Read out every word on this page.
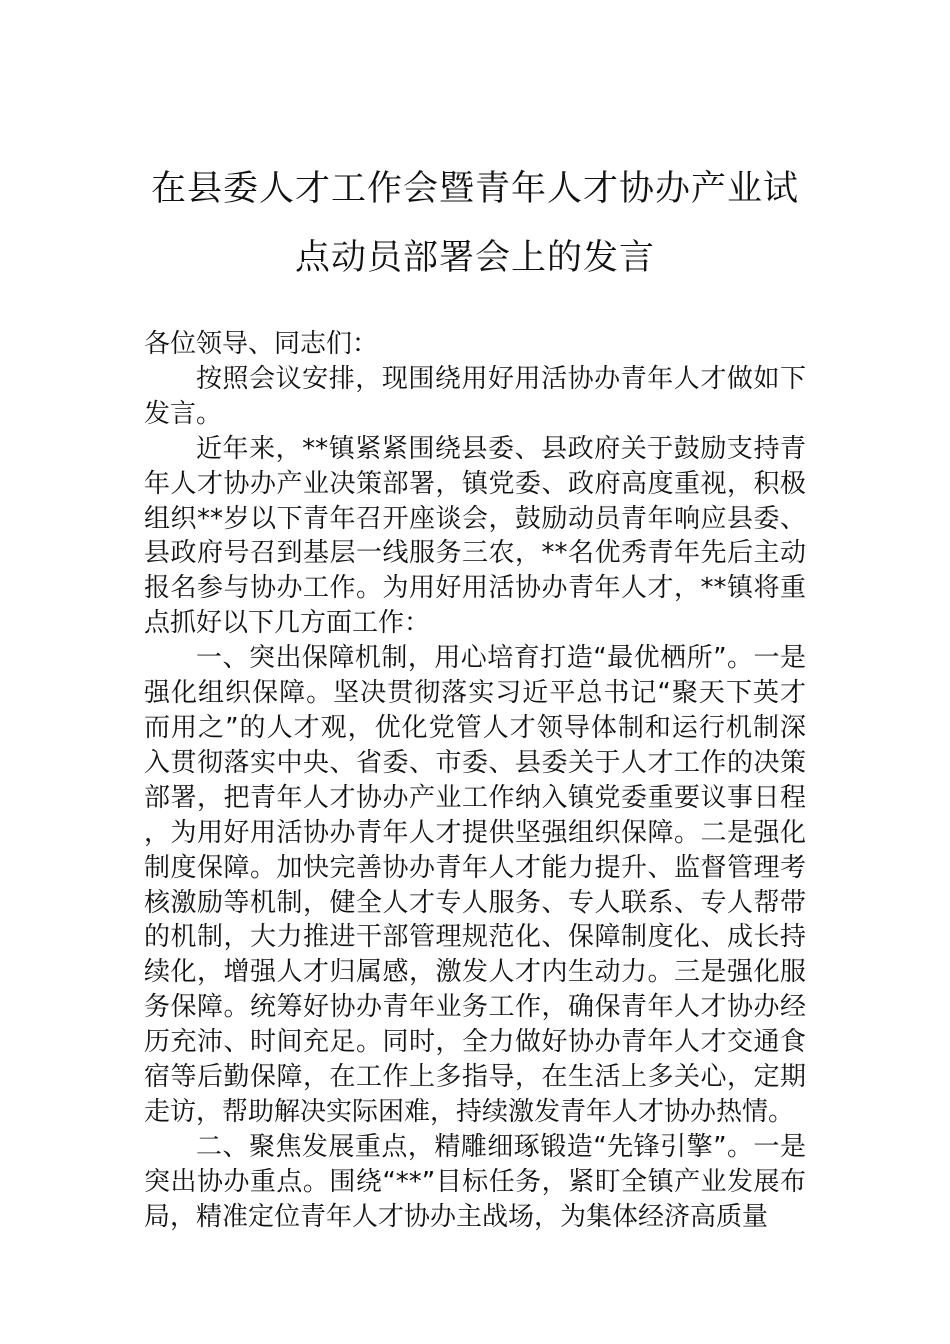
在县委人才工作会暨青年人才协办产业试
点动员部署会上的发言

各位领导、同志们：

按照会议安排，现围绕用好用活协办青年人才做如下发言。

近年来，**镇紧紧围绕县委、县政府关于鼓励支持青年人才协办产业决策部署，镇党委、政府高度重视，积极组织**岁以下青年召开座谈会，鼓励动员青年响应县委、县政府号召到基层一线服务三农，**名优秀青年先后主动报名参与协办工作。为用好用活协办青年人才，**镇将重点抓好以下几方面工作：

一、突出保障机制，用心培育打造“最优栖所”。一是强化组织保障。坚决贯彻落实习近平总书记“聚天下英才而用之”的人才观，优化党管人才领导体制和运行机制深入贯彻落实中央、省委、市委、县委关于人才工作的决策部署，把青年人才协办产业工作纳入镇党委重要议事日程，为用好用活协办青年人才提供坚强组织保障。二是强化制度保障。加快完善协办青年人才能力提升、监督管理考核激励等机制，健全人才专人服务、专人联系、专人帮带的机制，大力推进干部管理规范化、保障制度化、成长持续化，增强人才归属感，激发人才内生动力。三是强化服务保障。统筹好协办青年业务工作，确保青年人才协办经历充沛、时间充足。同时，全力做好协办青年人才交通食宿等后勤保障，在工作上多指导，在生活上多关心，定期走访，帮助解决实际困难，持续激发青年人才协办热情。

二、聚焦发展重点，精雕细琢锻造“先锋引擎”。一是突出协办重点。围绕“**”目标任务，紧盯全镇产业发展布局，精准定位青年人才协办主战场，为集体经济高质量
